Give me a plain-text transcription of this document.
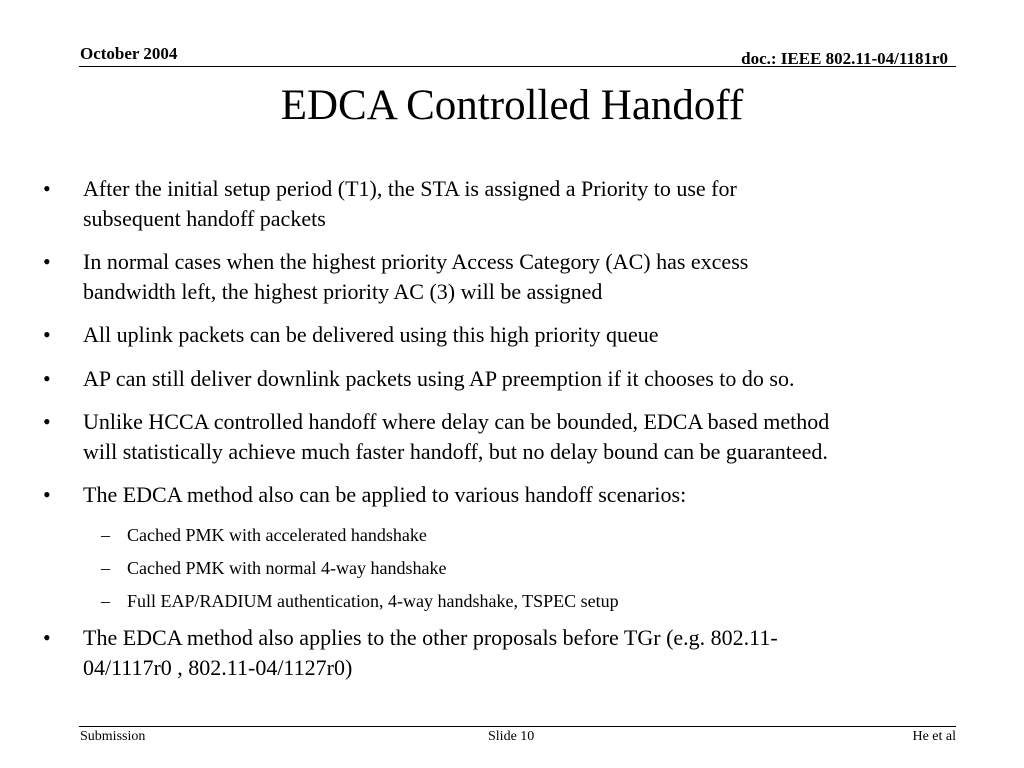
October 2004	doc.: IEEE 802.11-04/1181r0
EDCA Controlled Handoff
• After the initial setup period (T1), the STA is assigned a Priority to use for
subsequent handoff packets
• In normal cases when the highest priority Access Category (AC) has excess
bandwidth left, the highest priority AC (3) will be assigned
• All uplink packets can be delivered using this high priority queue
• AP can still deliver downlink packets using AP preemption if it chooses to do so.
• Unlike HCCA controlled handoff where delay can be bounded, EDCA based method
will statistically achieve much faster handoff, but no delay bound can be guaranteed.
• The EDCA method also can be applied to various handoff scenarios:
– Cached PMK with accelerated handshake
– Cached PMK with normal 4-way handshake
– Full EAP/RADIUM authentication, 4-way handshake, TSPEC setup
• The EDCA method also applies to the other proposals before TGr (e.g. 802.11-
04/1117r0 , 802.11-04/1127r0)
Submission	Slide 10	He et al
